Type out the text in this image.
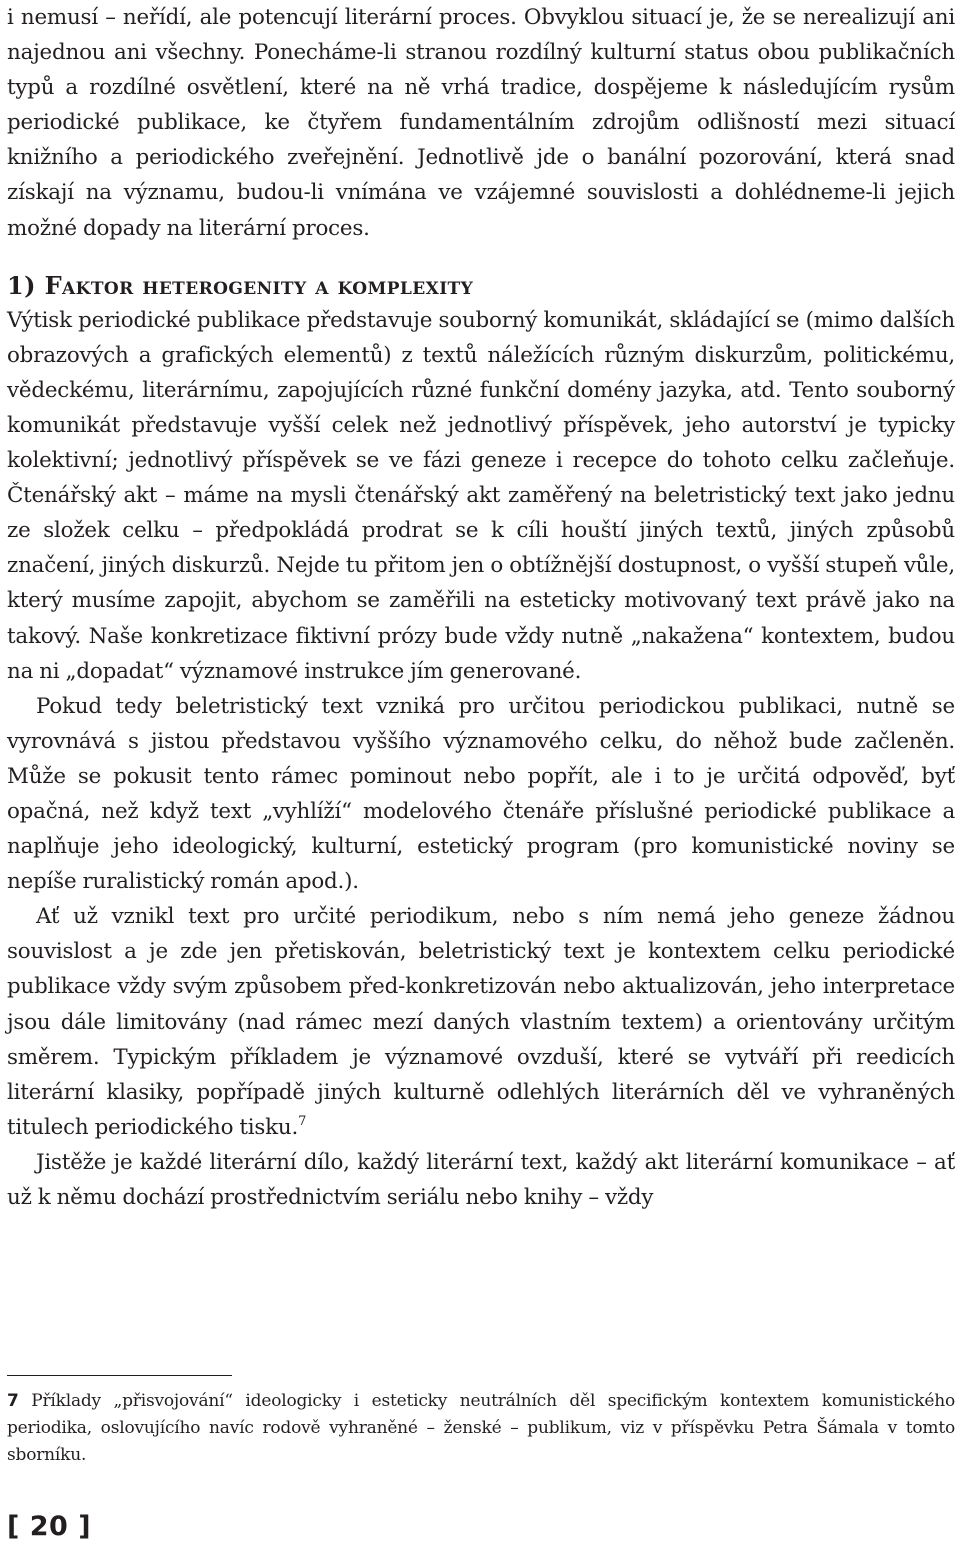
i nemusí – neřídí, ale potencují literární proces. Obvyklou situací je, že se nerealizují ani najednou ani všechny. Ponecháme-li stranou rozdílný kulturní status obou publikačních typů a rozdílné osvětlení, které na ně vrhá tradice, dospějeme k následujícím rysům periodické publikace, ke čtyřem fundamentálním zdrojům odlišností mezi situací knižního a periodického zveřejnění. Jednotlivě jde o banální pozorování, která snad získají na významu, budou-li vnímána ve vzájemné souvislosti a dohlédneme-li jejich možné dopady na literární proces.

1) Faktor heterogenity a komplexity

Výtisk periodické publikace představuje souborný komunikát, skládající se (mimo dalších obrazových a grafických elementů) z textů náležících různým diskurzům, politickému, vědeckému, literárnímu, zapojujících různé funkční domény jazyka, atd. Tento souborný komunikát představuje vyšší celek než jednotlivý příspěvek, jeho autorství je typicky kolektivní; jednotlivý příspěvek se ve fázi geneze i recepce do tohoto celku začleňuje. Čtenářský akt – máme na mysli čtenářský akt zaměřený na beletristický text jako jednu ze složek celku – předpokládá prodrat se k cíli houští jiných textů, jiných způsobů značení, jiných diskurzů. Nejde tu přitom jen o obtížnější dostupnost, o vyšší stupeň vůle, který musíme zapojit, abychom se zaměřili na esteticky motivovaný text právě jako na takový. Naše konkretizace fiktivní prózy bude vždy nutně „nakažena“ kontextem, budou na ni „dopadat“ významové instrukce jím generované.

Pokud tedy beletristický text vzniká pro určitou periodickou publikaci, nutně se vyrovnává s jistou představou vyššího významového celku, do něhož bude začleněn. Může se pokusit tento rámec pominout nebo popřít, ale i to je určitá odpověď, byť opačná, než když text „vyhlíží“ modelového čtenáře příslušné periodické publikace a naplňuje jeho ideologický, kulturní, estetický program (pro komunistické noviny se nepíše ruralistický román apod.).

Ať už vznikl text pro určité periodikum, nebo s ním nemá jeho geneze žádnou souvislost a je zde jen přetiskován, beletristický text je kontextem celku periodické publikace vždy svým způsobem před-konkretizován nebo aktualizován, jeho interpretace jsou dále limitovány (nad rámec mezí daných vlastním textem) a orientovány určitým směrem. Typickým příkladem je významové ovzduší, které se vytváří při reedicích literární klasiky, popřípadě jiných kulturně odlehlých literárních děl ve vyhraněných titulech periodického tisku.$^7$

Jistěže je každé literární dílo, každý literární text, každý akt literární komunikace – ať už k němu dochází prostřednictvím seriálu nebo knihy – vždy

7 Příklady „přisvojování“ ideologicky i esteticky neutrálních děl specifickým kontextem komunistického periodika, oslovujícího navíc rodově vyhraněné – ženské – publikum, viz v příspěvku Petra Šámala v tomto sborníku.

[ 20 ]
